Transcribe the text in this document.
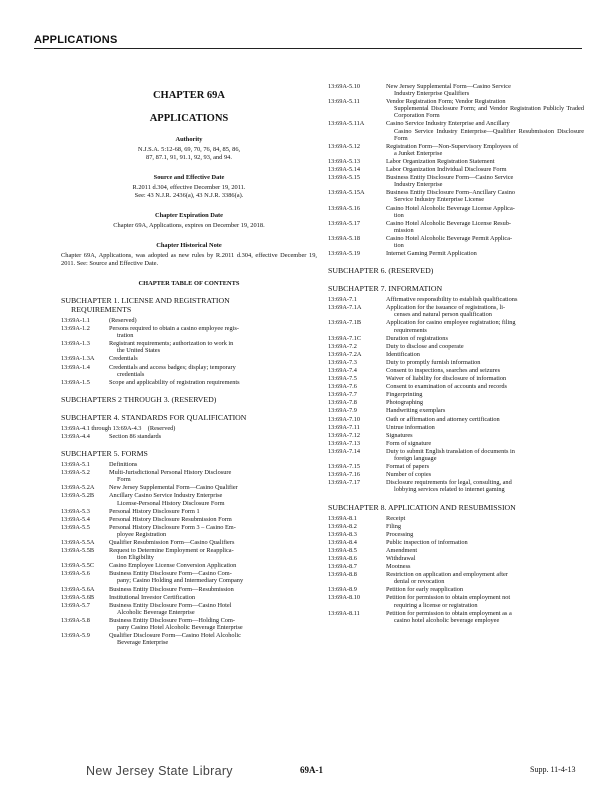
APPLICATIONS
CHAPTER 69A
APPLICATIONS
Authority
N.J.S.A. 5:12-68, 69, 70, 76, 84, 85, 86,
87, 87.1, 91, 91.1, 92, 93, and 94.
Source and Effective Date
R.2011 d.304, effective December 19, 2011.
See: 43 N.J.R. 2436(a), 43 N.J.R. 3386(a).
Chapter Expiration Date
Chapter 69A, Applications, expires on December 19, 2018.
Chapter Historical Note
Chapter 69A, Applications, was adopted as new rules by R.2011 d.304, effective December 19, 2011. See: Source and Effective Date.
CHAPTER TABLE OF CONTENTS
SUBCHAPTER 1. LICENSE AND REGISTRATION
REQUIREMENTS
13:69A-1.1	(Reserved)
13:69A-1.2	Persons required to obtain a casino employee regis-
tration
13:69A-1.3	Registrant requirements; authorization to work in
the United States
13:69A-1.3A	Credentials
13:69A-1.4	Credentials and access badges; display; temporary
credentials
13:69A-1.5	Scope and applicability of registration requirements
SUBCHAPTERS 2 THROUGH 3. (RESERVED)
SUBCHAPTER 4. STANDARDS FOR QUALIFICATION
13:69A-4.1 through 13:69A-4.3 (Reserved)
13:69A-4.4	Section 86 standards
SUBCHAPTER 5. FORMS
13:69A-5.1	Definitions
13:69A-5.2	Multi-Jurisdictional Personal History Disclosure
Form
13:69A-5.2A	New Jersey Supplemental Form—Casino Qualifier
13:69A-5.2B	Ancillary Casino Service Industry Enterprise
License-Personal History Disclosure Form
13:69A-5.3	Personal History Disclosure Form 1
13:69A-5.4	Personal History Disclosure Resubmission Form
13:69A-5.5	Personal History Disclosure Form 3 – Casino Em-
ployee Registration
13:69A-5.5A	Qualifier Resubmission Form—Casino Qualifiers
13:69A-5.5B	Request to Determine Employment or Reapplica-
tion Eligibility
13:69A-5.5C	Casino Employee License Conversion Application
13:69A-5.6	Business Entity Disclosure Form—Casino Com-
pany; Casino Holding and Intermediary Company
13:69A-5.6A	Business Entity Disclosure Form—Resubmission
13:69A-5.6B	Institutional Investor Certification
13:69A-5.7	Business Entity Disclosure Form—Casino Hotel
Alcoholic Beverage Enterprise
13:69A-5.8	Business Entity Disclosure Form—Holding Com-
pany Casino Hotel Alcoholic Beverage Enterprise
13:69A-5.9	Qualifier Disclosure Form—Casino Hotel Alcoholic
Beverage Enterprise
13:69A-5.10	New Jersey Supplemental Form—Casino Service
Industry Enterprise Qualifiers
13:69A-5.11	Vendor Registration Form; Vendor Registration
Supplemental Disclosure Form; and Vendor Registration Publicly Traded Corporation Form
13:69A-5.11A	Casino Service Industry Enterprise and Ancillary
Casino Service Industry Enterprise—Qualifier Resubmission Disclosure Form
13:69A-5.12	Registration Form—Non-Supervisory Employees of
a Junket Enterprise
13:69A-5.13	Labor Organization Registration Statement
13:69A-5.14	Labor Organization Individual Disclosure Form
13:69A-5.15	Business Entity Disclosure Form—Casino Service
Industry Enterprise
13:69A-5.15A	Business Entity Disclosure Form–Ancillary Casino
Service Industry Enterprise License
13:69A-5.16	Casino Hotel Alcoholic Beverage License Applica-
tion
13:69A-5.17	Casino Hotel Alcoholic Beverage License Resub-
mission
13:69A-5.18	Casino Hotel Alcoholic Beverage Permit Applica-
tion
13:69A-5.19	Internet Gaming Permit Application
SUBCHAPTER 6. (RESERVED)
SUBCHAPTER 7. INFORMATION
13:69A-7.1	Affirmative responsibility to establish qualifications
13:69A-7.1A	Application for the issuance of registrations, li-
censes and natural person qualification
13:69A-7.1B	Application for casino employee registration; filing
requirements
13:69A-7.1C	Duration of registrations
13:69A-7.2	Duty to disclose and cooperate
13:69A-7.2A	Identification
13:69A-7.3	Duty to promptly furnish information
13:69A-7.4	Consent to inspections, searches and seizures
13:69A-7.5	Waiver of liability for disclosure of information
13:69A-7.6	Consent to examination of accounts and records
13:69A-7.7	Fingerprinting
13:69A-7.8	Photographing
13:69A-7.9	Handwriting exemplars
13:69A-7.10	Oath or affirmation and attorney certification
13:69A-7.11	Untrue information
13:69A-7.12	Signatures
13:69A-7.13	Form of signature
13:69A-7.14	Duty to submit English translation of documents in
foreign language
13:69A-7.15	Format of papers
13:69A-7.16	Number of copies
13:69A-7.17	Disclosure requirements for legal, consulting, and
lobbying services related to internet gaming
SUBCHAPTER 8. APPLICATION AND RESUBMISSION
13:69A-8.1	Receipt
13:69A-8.2	Filing
13:69A-8.3	Processing
13:69A-8.4	Public inspection of information
13:69A-8.5	Amendment
13:69A-8.6	Withdrawal
13:69A-8.7	Mootness
13:69A-8.8	Restriction on application and employment after
denial or revocation
13:69A-8.9	Petition for early reapplication
13:69A-8.10	Petition for permission to obtain employment not
requiring a license or registration
13:69A-8.11	Petition for permission to obtain employment as a
casino hotel alcoholic beverage employee
New Jersey State Library	69A-1	Supp. 11-4-13
